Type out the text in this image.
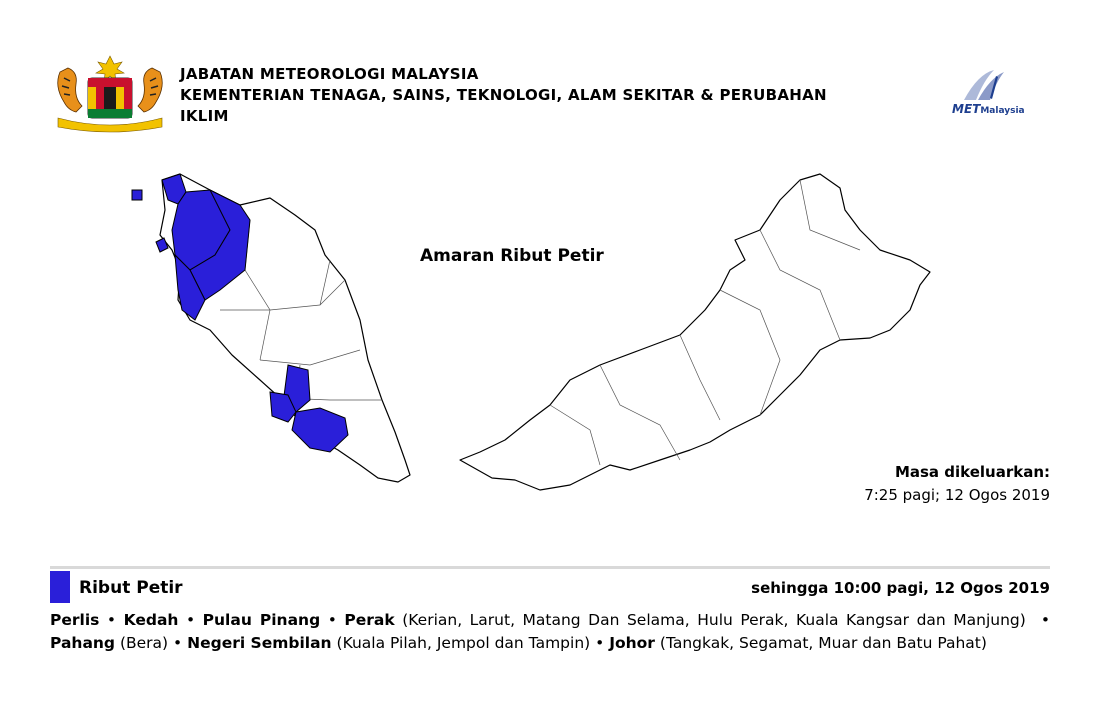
JABATAN METEOROLOGI MALAYSIA
KEMENTERIAN TENAGA, SAINS, TEKNOLOGI, ALAM SEKITAR & PERUBAHAN
IKLIM	METMalaysia
Amaran Ribut Petir
Masa dikeluarkan:
7:25 pagi; 12 Ogos 2019
Ribut Petir	sehingga 10:00 pagi, 12 Ogos 2019
Perlis • Kedah • Pulau Pinang • Perak (Kerian, Larut, Matang Dan Selama, Hulu Perak, Kuala Kangsar dan Manjung)  • Pahang (Bera) • Negeri Sembilan (Kuala Pilah, Jempol dan Tampin) • Johor (Tangkak, Segamat, Muar dan Batu Pahat)
